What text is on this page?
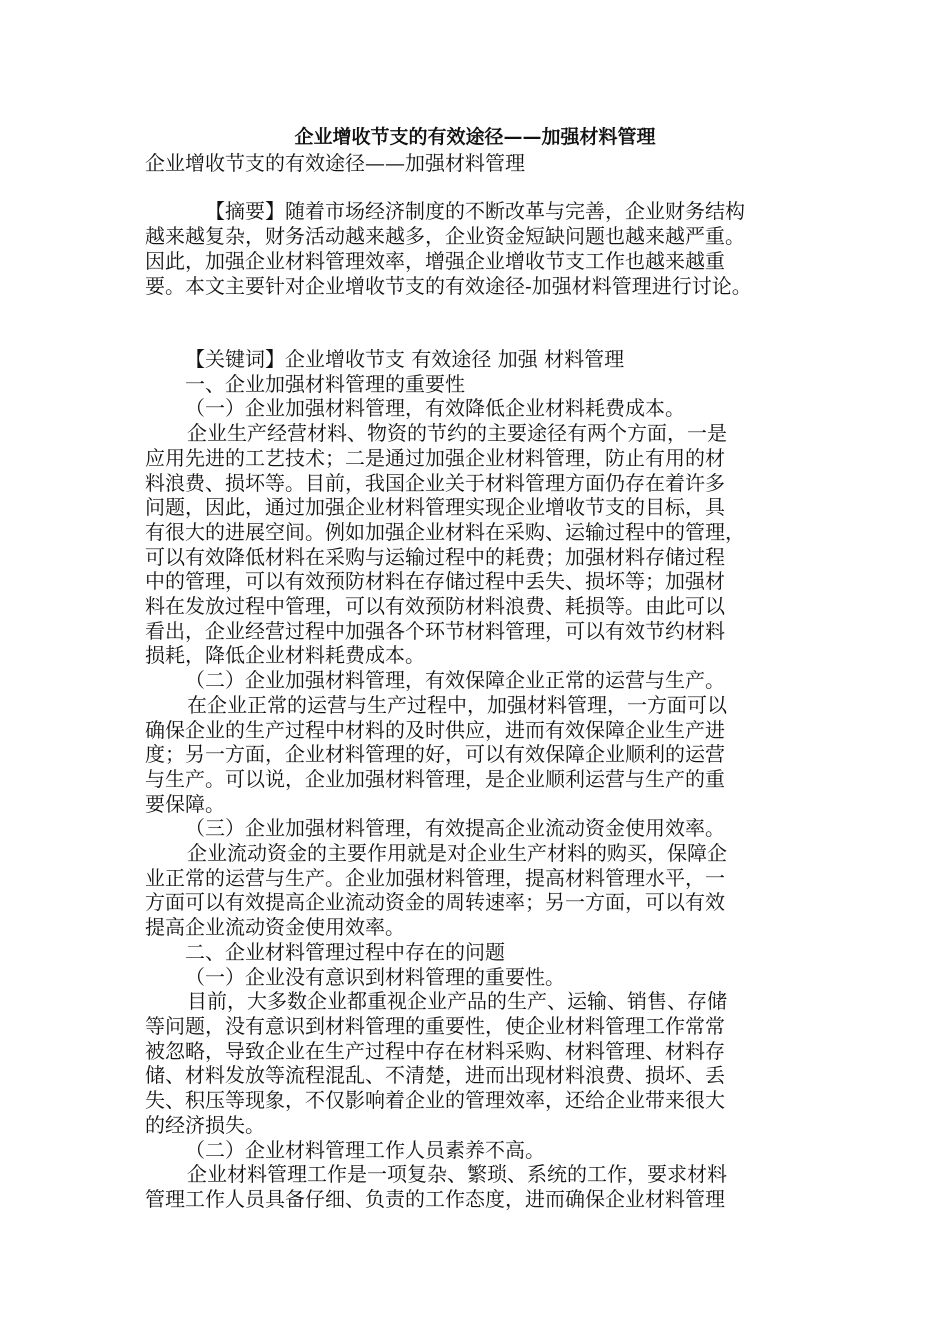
企业增收节支的有效途径——加强材料管理
企业增收节支的有效途径——加强材料管理
【摘要】随着市场经济制度的不断改革与完善，企业财务结构
越来越复杂，财务活动越来越多，企业资金短缺问题也越来越严重。
因此，加强企业材料管理效率，增强企业增收节支工作也越来越重
要。本文主要针对企业增收节支的有效途径-加强材料管理进行讨论。
【关键词】企业增收节支 有效途径 加强 材料管理
一、企业加强材料管理的重要性
（一）企业加强材料管理，有效降低企业材料耗费成本。
企业生产经营材料、物资的节约的主要途径有两个方面，一是
应用先进的工艺技术；二是通过加强企业材料管理，防止有用的材
料浪费、损坏等。目前，我国企业关于材料管理方面仍存在着许多
问题，因此，通过加强企业材料管理实现企业增收节支的目标，具
有很大的进展空间。例如加强企业材料在采购、运输过程中的管理，
可以有效降低材料在采购与运输过程中的耗费；加强材料存储过程
中的管理，可以有效预防材料在存储过程中丢失、损坏等；加强材
料在发放过程中管理，可以有效预防材料浪费、耗损等。由此可以
看出，企业经营过程中加强各个环节材料管理，可以有效节约材料
损耗，降低企业材料耗费成本。
（二）企业加强材料管理，有效保障企业正常的运营与生产。
在企业正常的运营与生产过程中，加强材料管理，一方面可以
确保企业的生产过程中材料的及时供应，进而有效保障企业生产进
度；另一方面，企业材料管理的好，可以有效保障企业顺利的运营
与生产。可以说，企业加强材料管理，是企业顺利运营与生产的重
要保障。
（三）企业加强材料管理，有效提高企业流动资金使用效率。
企业流动资金的主要作用就是对企业生产材料的购买，保障企
业正常的运营与生产。企业加强材料管理，提高材料管理水平，一
方面可以有效提高企业流动资金的周转速率；另一方面，可以有效
提高企业流动资金使用效率。
二、企业材料管理过程中存在的问题
（一）企业没有意识到材料管理的重要性。
目前，大多数企业都重视企业产品的生产、运输、销售、存储
等问题，没有意识到材料管理的重要性，使企业材料管理工作常常
被忽略，导致企业在生产过程中存在材料采购、材料管理、材料存
储、材料发放等流程混乱、不清楚，进而出现材料浪费、损坏、丢
失、积压等现象，不仅影响着企业的管理效率，还给企业带来很大
的经济损失。
（二）企业材料管理工作人员素养不高。
企业材料管理工作是一项复杂、繁琐、系统的工作，要求材料
管理工作人员具备仔细、负责的工作态度，进而确保企业材料管理
